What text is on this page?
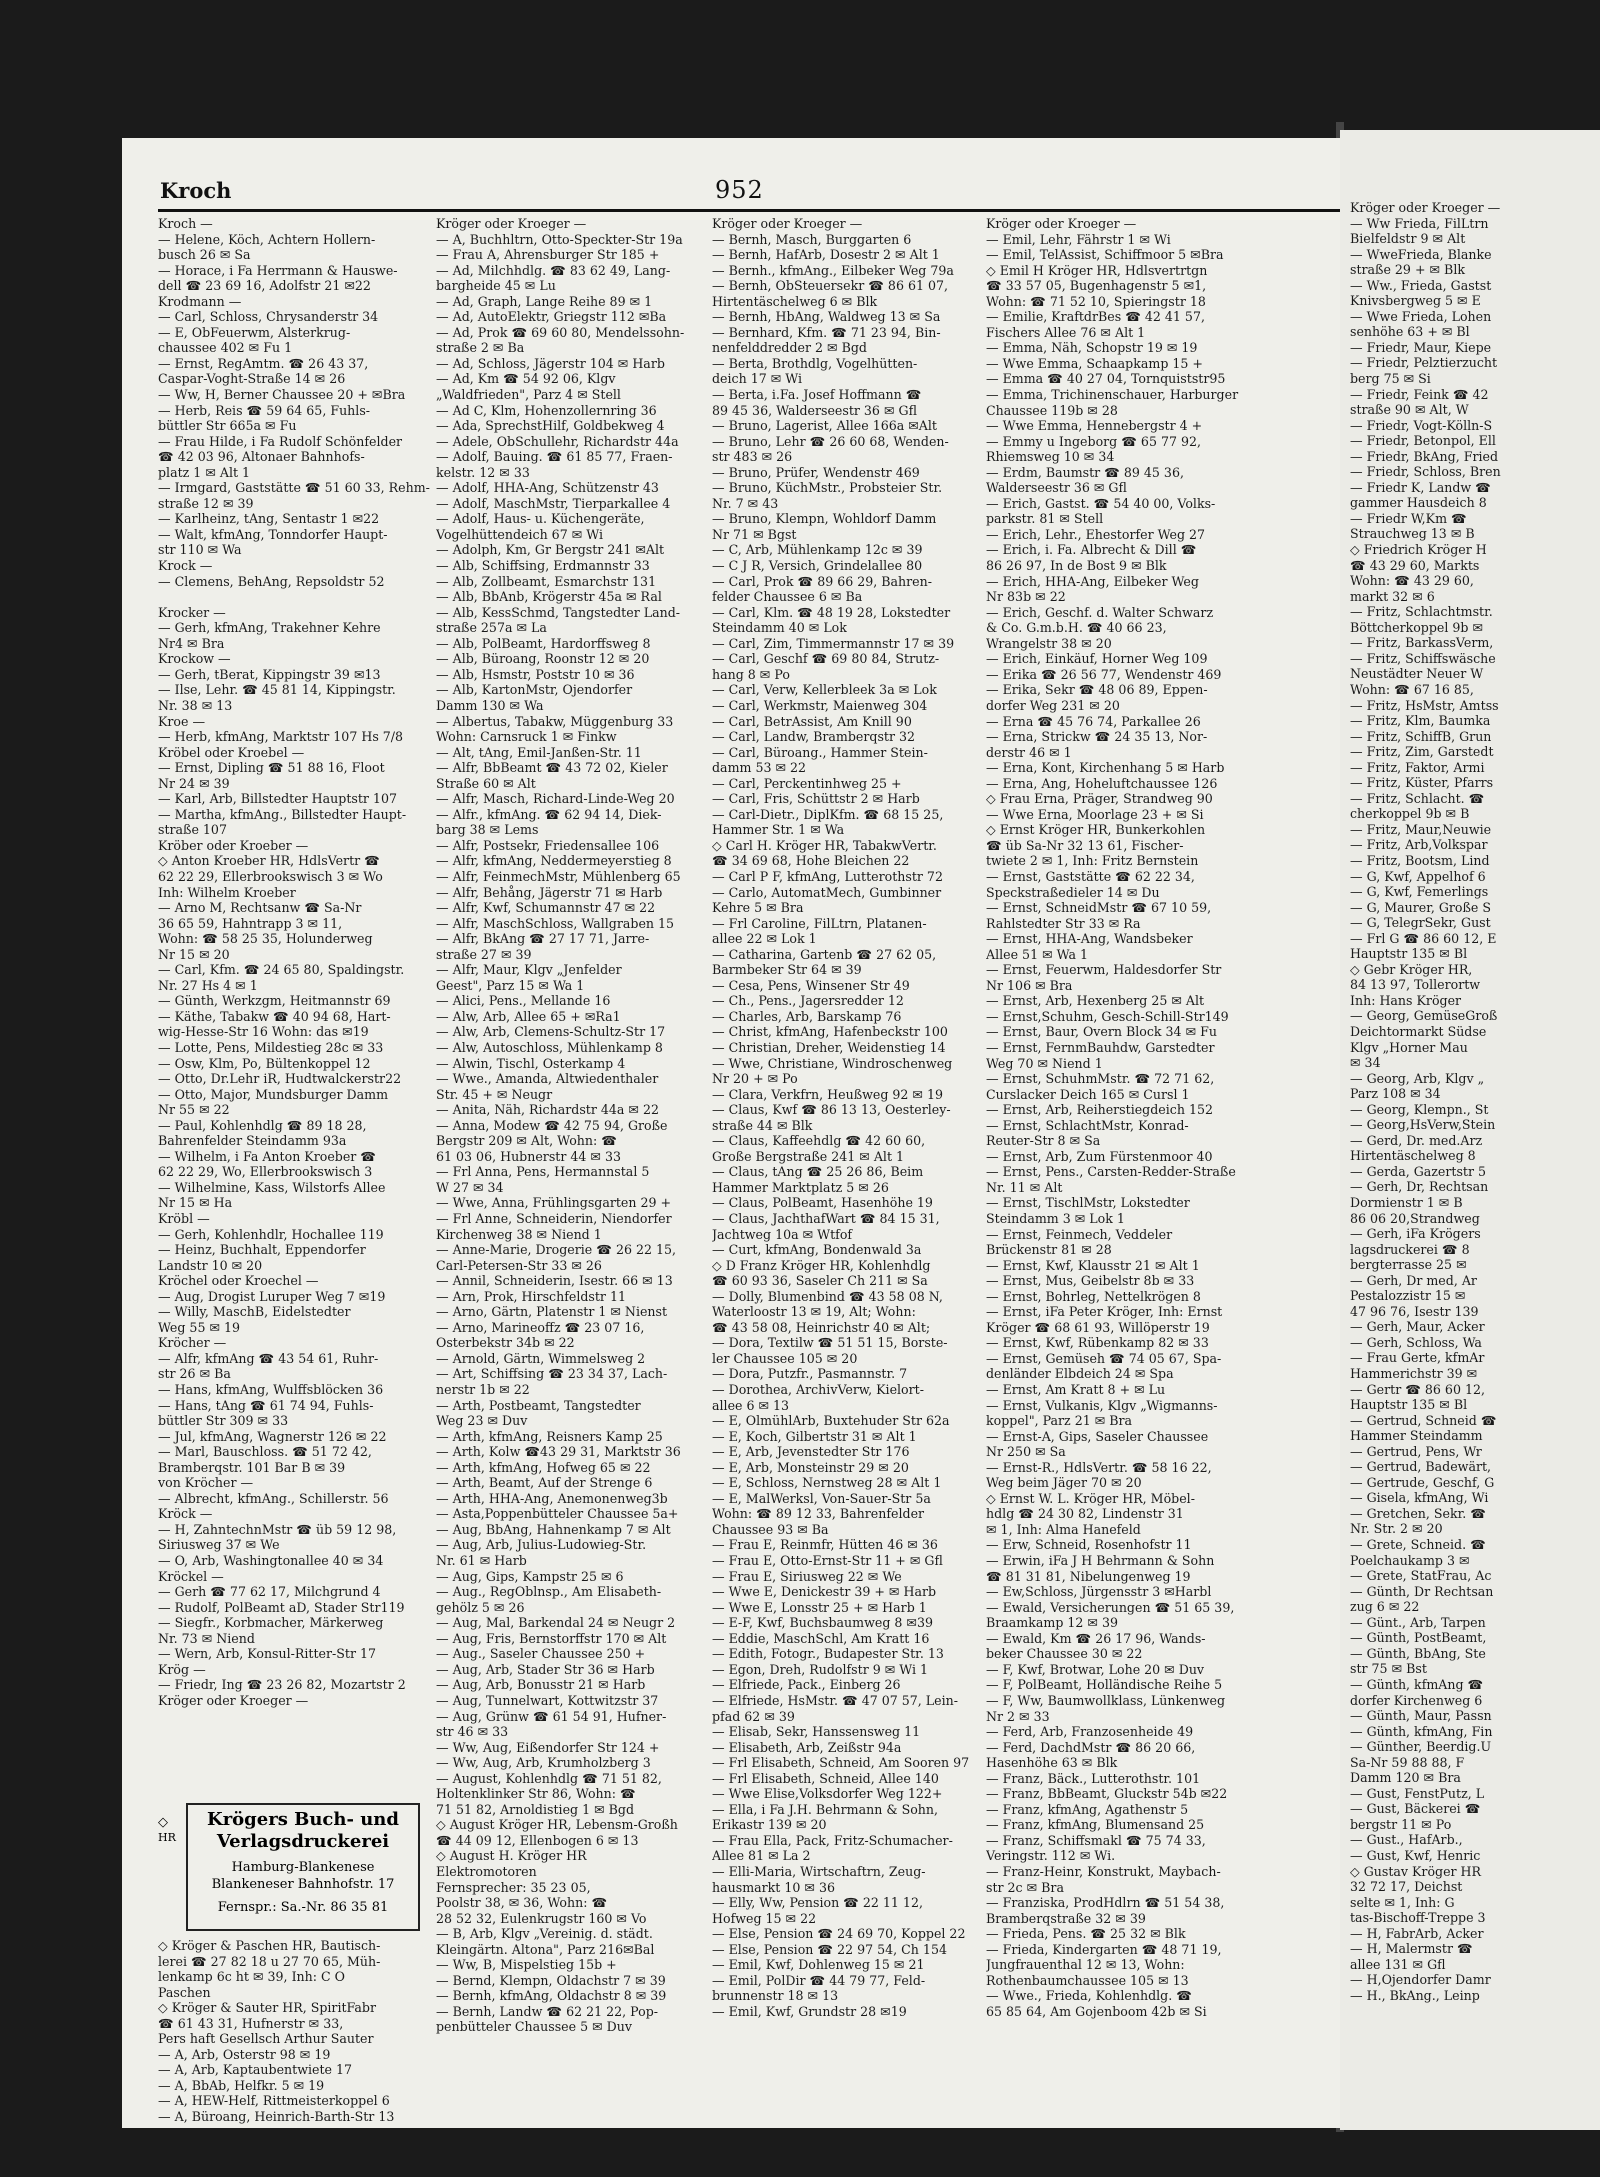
Kroch	952
Kroch —
— Helene, Köch, Achtern Hollern-
busch 26 ✉ Sa
— Horace, i Fa Herrmann & Hauswe-
dell ☎ 23 69 16, Adolfstr 21 ✉22
Krodmann —
— Carl, Schloss, Chrysanderstr 34
— E, ObFeuerwm, Alsterkrug-
chaussee 402 ✉ Fu 1
— Ernst, RegAmtm. ☎ 26 43 37,
Caspar-Voght-Straße 14 ✉ 26
— Ww, H, Berner Chaussee 20 + ✉Bra
— Herb, Reis ☎ 59 64 65, Fuhls-
büttler Str 665a ✉ Fu
— Frau Hilde, i Fa Rudolf Schönfelder
☎ 42 03 96, Altonaer Bahnhofs-
platz 1 ✉ Alt 1
— Irmgard, Gaststätte ☎ 51 60 33, Rehm-
straße 12 ✉ 39
— Karlheinz, tAng, Sentastr 1 ✉22
— Walt, kfmAng, Tonndorfer Haupt-
str 110 ✉ Wa
Krock —
— Clemens, BehAng, Repsoldstr 52

Krocker —
— Gerh, kfmAng, Trakehner Kehre
Nr4 ✉ Bra
Krockow —
— Gerh, tBerat, Kippingstr 39 ✉13
— Ilse, Lehr. ☎ 45 81 14, Kippingstr.
Nr. 38 ✉ 13
Kroe —
— Herb, kfmAng, Marktstr 107 Hs 7/8
Kröbel oder Kroebel —
— Ernst, Dipling ☎ 51 88 16, Floot
Nr 24 ✉ 39
— Karl, Arb, Billstedter Hauptstr 107
— Martha, kfmAng., Billstedter Haupt-
straße 107
Kröber oder Kroeber —
◇ Anton Kroeber HR, HdlsVertr ☎
62 22 29, Ellerbrookswisch 3 ✉ Wo
Inh: Wilhelm Kroeber
— Arno M, Rechtsanw ☎ Sa-Nr
36 65 59, Hahntrapp 3 ✉ 11,
Wohn: ☎ 58 25 35, Holunderweg
Nr 15 ✉ 20
— Carl, Kfm. ☎ 24 65 80, Spaldingstr.
Nr. 27 Hs 4 ✉ 1
— Günth, Werkzgm, Heitmannstr 69
— Käthe, Tabakw ☎ 40 94 68, Hart-
wig-Hesse-Str 16 Wohn: das ✉19
— Lotte, Pens, Mildestieg 28c ✉ 33
— Osw, Klm, Po, Bültenkoppel 12
— Otto, Dr.Lehr iR, Hudtwalckerstr22
— Otto, Major, Mundsburger Damm
Nr 55 ✉ 22
— Paul, Kohlenhdlg ☎ 89 18 28,
Bahrenfelder Steindamm 93a
— Wilhelm, i Fa Anton Kroeber ☎
62 22 29, Wo, Ellerbrookswisch 3
— Wilhelmine, Kass, Wilstorfs Allee
Nr 15 ✉ Ha
Kröbl —
— Gerh, Kohlenhdlr, Hochallee 119
— Heinz, Buchhalt, Eppendorfer
Landstr 10 ✉ 20
Kröchel oder Kroechel —
— Aug, Drogist Luruper Weg 7 ✉19
— Willy, MaschB, Eidelstedter
Weg 55 ✉ 19
Kröcher —
— Alfr, kfmAng ☎ 43 54 61, Ruhr-
str 26 ✉ Ba
— Hans, kfmAng, Wulffsblöcken 36
— Hans, tAng ☎ 61 74 94, Fuhls-
büttler Str 309 ✉ 33
— Jul, kfmAng, Wagnerstr 126 ✉ 22
— Marl, Bauschloss. ☎ 51 72 42,
Bramberqstr. 101 Bar B ✉ 39
von Kröcher —
— Albrecht, kfmAng., Schillerstr. 56
Kröck —
— H, ZahntechnMstr ☎ üb 59 12 98,
Siriusweg 37 ✉ We
— O, Arb, Washingtonallee 40 ✉ 34
Kröckel —
— Gerh ☎ 77 62 17, Milchgrund 4
— Rudolf, PolBeamt aD, Stader Str119
— Siegfr., Korbmacher, Märkerweg
Nr. 73 ✉ Niend
— Wern, Arb, Konsul-Ritter-Str 17
Krög —
— Friedr, Ing ☎ 23 26 82, Mozartstr 2
Kröger oder Kroeger —
Kröger oder Kroeger —
— A, Buchhltrn, Otto-Speckter-Str 19a
— Frau A, Ahrensburger Str 185 +
— Ad, Milchhdlg. ☎ 83 62 49, Lang-
bargheide 45 ✉ Lu
— Ad, Graph, Lange Reihe 89 ✉ 1
— Ad, AutoElektr, Griegstr 112 ✉Ba
— Ad, Prok ☎ 69 60 80, Mendelssohn-
straße 2 ✉ Ba
— Ad, Schloss, Jägerstr 104 ✉ Harb
— Ad, Km ☎ 54 92 06, Klgv
„Waldfrieden", Parz 4 ✉ Stell
— Ad C, Klm, Hohenzollernring 36
— Ada, SprechstHilf, Goldbekweg 4
— Adele, ObSchullehr, Richardstr 44a
— Adolf, Bauing. ☎ 61 85 77, Fraen-
kelstr. 12 ✉ 33
— Adolf, HHA-Ang, Schützenstr 43
— Adolf, MaschMstr, Tierparkallee 4
— Adolf, Haus- u. Küchengeräte,
Vogelhüttendeich 67 ✉ Wi
— Adolph, Km, Gr Bergstr 241 ✉Alt
— Alb, Schiffsing, Erdmannstr 33
— Alb, Zollbeamt, Esmarchstr 131
— Alb, BbAnb, Krögerstr 45a ✉ Ral
— Alb, KessSchmd, Tangstedter Land-
straße 257a ✉ La
— Alb, PolBeamt, Hardorffsweg 8
— Alb, Büroang, Roonstr 12 ✉ 20
— Alb, Hsmstr, Poststr 10 ✉ 36
— Alb, KartonMstr, Ojendorfer
Damm 130 ✉ Wa
— Albertus, Tabakw, Müggenburg 33
Wohn: Carnsruck 1 ✉ Finkw
— Alt, tAng, Emil-Janßen-Str. 11
— Alfr, BbBeamt ☎ 43 72 02, Kieler
Straße 60 ✉ Alt
— Alfr, Masch, Richard-Linde-Weg 20
— Alfr., kfmAng. ☎ 62 94 14, Diek-
barg 38 ✉ Lems
— Alfr, Postsekr, Friedensallee 106
— Alfr, kfmAng, Neddermeyerstieg 8
— Alfr, FeinmechMstr, Mühlenberg 65
— Alfr, Behång, Jägerstr 71 ✉ Harb
— Alfr, Kwf, Schumannstr 47 ✉ 22
— Alfr, MaschSchloss, Wallgraben 15
— Alfr, BkAng ☎ 27 17 71, Jarre-
straße 27 ✉ 39
— Alfr, Maur, Klgv „Jenfelder
Geest", Parz 15 ✉ Wa 1
— Alici, Pens., Mellande 16
— Alw, Arb, Allee 65 + ✉Ra1
— Alw, Arb, Clemens-Schultz-Str 17
— Alw, Autoschloss, Mühlenkamp 8
— Alwin, Tischl, Osterkamp 4
— Wwe., Amanda, Altwiedenthaler
Str. 45 + ✉ Neugr
— Anita, Näh, Richardstr 44a ✉ 22
— Anna, Modew ☎ 42 75 94, Große
Bergstr 209 ✉ Alt, Wohn: ☎
61 03 06, Hubnerstr 44 ✉ 33
— Frl Anna, Pens, Hermannstal 5
W 27 ✉ 34
— Wwe, Anna, Frühlingsgarten 29 +
— Frl Anne, Schneiderin, Niendorfer
Kirchenweg 38 ✉ Niend 1
— Anne-Marie, Drogerie ☎ 26 22 15,
Carl-Petersen-Str 33 ✉ 26
— Annil, Schneiderin, Isestr. 66 ✉ 13
— Arn, Prok, Hirschfeldstr 11
— Arno, Gärtn, Platenstr 1 ✉ Nienst
— Arno, Marineoffz ☎ 23 07 16,
Osterbekstr 34b ✉ 22
— Arnold, Gärtn, Wimmelsweg 2
— Art, Schiffsing ☎ 23 34 37, Lach-
nerstr 1b ✉ 22
— Arth, Postbeamt, Tangstedter
Weg 23 ✉ Duv
— Arth, kfmAng, Reisners Kamp 25
— Arth, Kolw ☎43 29 31, Marktstr 36
— Arth, kfmAng, Hofweg 65 ✉ 22
— Arth, Beamt, Auf der Strenge 6
— Arth, HHA-Ang, Anemonenweg3b
— Asta,Poppenbütteler Chaussee 5a+
— Aug, BbAng, Hahnenkamp 7 ✉ Alt
— Aug, Arb, Julius-Ludowieg-Str.
Nr. 61 ✉ Harb
— Aug, Gips, Kampstr 25 ✉ 6
— Aug., RegOblnsp., Am Elisabeth-
gehölz 5 ✉ 26
— Aug, Mal, Barkendal 24 ✉ Neugr 2
— Aug, Fris, Bernstorffstr 170 ✉ Alt
— Aug., Saseler Chaussee 250 +
— Aug, Arb, Stader Str 36 ✉ Harb
— Aug, Arb, Bonusstr 21 ✉ Harb
— Aug, Tunnelwart, Kottwitzstr 37
— Aug, Grünw ☎ 61 54 91, Hufner-
str 46 ✉ 33
— Ww, Aug, Eißendorfer Str 124 +
— Ww, Aug, Arb, Krumholzberg 3
— August, Kohlenhdlg ☎ 71 51 82,
Holtenklinker Str 86, Wohn: ☎
71 51 82, Arnoldistieg 1 ✉ Bgd
◇ August Kröger HR, Lebensm-Großh
☎ 44 09 12, Ellenbogen 6 ✉ 13
◇ August H. Kröger HR
Elektromotoren
Fernsprecher: 35 23 05,
Poolstr 38, ✉ 36, Wohn: ☎
28 52 32, Eulenkrugstr 160 ✉ Vo
— B, Arb, Klgv „Vereinig. d. städt.
Kleingärtn. Altona", Parz 216✉Bal
— Ww, B, Mispelstieg 15b +
— Bernd, Klempn, Oldachstr 7 ✉ 39
— Bernh, kfmAng, Oldachstr 8 ✉ 39
— Bernh, Landw ☎ 62 21 22, Pop-
penbütteler Chaussee 5 ✉ Duv
Kröger oder Kroeger —
— Bernh, Masch, Burggarten 6
— Bernh, HafArb, Dosestr 2 ✉ Alt 1
— Bernh., kfmAng., Eilbeker Weg 79a
— Bernh, ObSteuersekr ☎ 86 61 07,
Hirtentäschelweg 6 ✉ Blk
— Bernh, HbAng, Waldweg 13 ✉ Sa
— Bernhard, Kfm. ☎ 71 23 94, Bin-
nenfelddredder 2 ✉ Bgd
— Berta, Brothdlg, Vogelhütten-
deich 17 ✉ Wi
— Berta, i.Fa. Josef Hoffmann ☎
89 45 36, Walderseestr 36 ✉ Gfl
— Bruno, Lagerist, Allee 166a ✉Alt
— Bruno, Lehr ☎ 26 60 68, Wenden-
str 483 ✉ 26
— Bruno, Prüfer, Wendenstr 469
— Bruno, KüchMstr., Probsteier Str.
Nr. 7 ✉ 43
— Bruno, Klempn, Wohldorf Damm
Nr 71 ✉ Bgst
— C, Arb, Mühlenkamp 12c ✉ 39
— C J R, Versich, Grindelallee 80
— Carl, Prok ☎ 89 66 29, Bahren-
felder Chaussee 6 ✉ Ba
— Carl, Klm. ☎ 48 19 28, Lokstedter
Steindamm 40 ✉ Lok
— Carl, Zim, Timmermannstr 17 ✉ 39
— Carl, Geschf ☎ 69 80 84, Strutz-
hang 8 ✉ Po
— Carl, Verw, Kellerbleek 3a ✉ Lok
— Carl, Werkmstr, Maienweg 304
— Carl, BetrAssist, Am Knill 90
— Carl, Landw, Bramberqstr 32
— Carl, Büroang., Hammer Stein-
damm 53 ✉ 22
— Carl, Perckentinhweg 25 +
— Carl, Fris, Schüttstr 2 ✉ Harb
— Carl-Dietr., DiplKfm. ☎ 68 15 25,
Hammer Str. 1 ✉ Wa
◇ Carl H. Kröger HR, TabakwVertr.
☎ 34 69 68, Hohe Bleichen 22
— Carl P F, kfmAng, Lutterothstr 72
— Carlo, AutomatMech, Gumbinner
Kehre 5 ✉ Bra
— Frl Caroline, FilLtrn, Platanen-
allee 22 ✉ Lok 1
— Catharina, Gartenb ☎ 27 62 05,
Barmbeker Str 64 ✉ 39
— Cesa, Pens, Winsener Str 49
— Ch., Pens., Jagersredder 12
— Charles, Arb, Barskamp 76
— Christ, kfmAng, Hafenbeckstr 100
— Christian, Dreher, Weidenstieg 14
— Wwe, Christiane, Windroschenweg
Nr 20 + ✉ Po
— Clara, Verkfrn, Heußweg 92 ✉ 19
— Claus, Kwf ☎ 86 13 13, Oesterley-
straße 44 ✉ Blk
— Claus, Kaffeehdlg ☎ 42 60 60,
Große Bergstraße 241 ✉ Alt 1
— Claus, tAng ☎ 25 26 86, Beim
Hammer Marktplatz 5 ✉ 26
— Claus, PolBeamt, Hasenhöhe 19
— Claus, JachthafWart ☎ 84 15 31,
Jachtweg 10a ✉ Wtfof
— Curt, kfmAng, Bondenwald 3a
◇ D Franz Kröger HR, Kohlenhdlg
☎ 60 93 36, Saseler Ch 211 ✉ Sa
— Dolly, Blumenbind ☎ 43 58 08 N,
Waterloostr 13 ✉ 19, Alt; Wohn:
☎ 43 58 08, Heinrichstr 40 ✉ Alt;
— Dora, Textilw ☎ 51 51 15, Borste-
ler Chaussee 105 ✉ 20
— Dora, Putzfr., Pasmannstr. 7
— Dorothea, ArchivVerw, Kielort-
allee 6 ✉ 13
— E, OlmühlArb, Buxtehuder Str 62a
— E, Koch, Gilbertstr 31 ✉ Alt 1
— E, Arb, Jevenstedter Str 176
— E, Arb, Monsteinstr 29 ✉ 20
— E, Schloss, Nernstweg 28 ✉ Alt 1
— E, MalWerksl, Von-Sauer-Str 5a
Wohn: ☎ 89 12 33, Bahrenfelder
Chaussee 93 ✉ Ba
— Frau E, Reinmfr, Hütten 46 ✉ 36
— Frau E, Otto-Ernst-Str 11 + ✉ Gfl
— Frau E, Siriusweg 22 ✉ We
— Wwe E, Denickestr 39 + ✉ Harb
— Wwe E, Lonsstr 25 + ✉ Harb 1
— E-F, Kwf, Buchsbaumweg 8 ✉39
— Eddie, MaschSchl, Am Kratt 16
— Edith, Fotogr., Budapester Str. 13
— Egon, Dreh, Rudolfstr 9 ✉ Wi 1
— Elfriede, Pack., Einberg 26
— Elfriede, HsMstr. ☎ 47 07 57, Lein-
pfad 62 ✉ 39
— Elisab, Sekr, Hanssensweg 11
— Elisabeth, Arb, Zeißstr 94a
— Frl Elisabeth, Schneid, Am Sooren 97
— Frl Elisabeth, Schneid, Allee 140
— Wwe Elise,Volksdorfer Weg 122+
— Ella, i Fa J.H. Behrmann & Sohn,
Erikastr 139 ✉ 20
— Frau Ella, Pack, Fritz-Schumacher-
Allee 81 ✉ La 2
— Elli-Maria, Wirtschaftrn, Zeug-
hausmarkt 10 ✉ 36
— Elly, Ww, Pension ☎ 22 11 12,
Hofweg 15 ✉ 22
— Else, Pension ☎ 24 69 70, Koppel 22
— Else, Pension ☎ 22 97 54, Ch 154
— Emil, Kwf, Dohlenweg 15 ✉ 21
— Emil, PolDir ☎ 44 79 77, Feld-
brunnenstr 18 ✉ 13
— Emil, Kwf, Grundstr 28 ✉19
Kröger oder Kroeger —
— Emil, Lehr, Fährstr 1 ✉ Wi
— Emil, TelAssist, Schiffmoor 5 ✉Bra
◇ Emil H Kröger HR, Hdlsvertrtgn
☎ 33 57 05, Bugenhagenstr 5 ✉1,
Wohn: ☎ 71 52 10, Spieringstr 18
— Emilie, KraftdrBes ☎ 42 41 57,
Fischers Allee 76 ✉ Alt 1
— Emma, Näh, Schopstr 19 ✉ 19
— Wwe Emma, Schaapkamp 15 +
— Emma ☎ 40 27 04, Tornquiststr95
— Emma, Trichinenschauer, Harburger
Chaussee 119b ✉ 28
— Wwe Emma, Hennebergstr 4 +
— Emmy u Ingeborg ☎ 65 77 92,
Rhiemsweg 10 ✉ 34
— Erdm, Baumstr ☎ 89 45 36,
Walderseestr 36 ✉ Gfl
— Erich, Gastst. ☎ 54 40 00, Volks-
parkstr. 81 ✉ Stell
— Erich, Lehr., Ehestorfer Weg 27
— Erich, i. Fa. Albrecht & Dill ☎
86 26 97, In de Bost 9 ✉ Blk
— Erich, HHA-Ang, Eilbeker Weg
Nr 83b ✉ 22
— Erich, Geschf. d. Walter Schwarz
& Co. G.m.b.H. ☎ 40 66 23,
Wrangelstr 38 ✉ 20
— Erich, Einkäuf, Horner Weg 109
— Erika ☎ 26 56 77, Wendenstr 469
— Erika, Sekr ☎ 48 06 89, Eppen-
dorfer Weg 231 ✉ 20
— Erna ☎ 45 76 74, Parkallee 26
— Erna, Strickw ☎ 24 35 13, Nor-
derstr 46 ✉ 1
— Erna, Kont, Kirchenhang 5 ✉ Harb
— Erna, Ang, Hoheluftchaussee 126
◇ Frau Erna, Präger, Strandweg 90
— Wwe Erna, Moorlage 23 + ✉ Si
◇ Ernst Kröger HR, Bunkerkohlen
☎ üb Sa-Nr 32 13 61, Fischer-
twiete 2 ✉ 1, Inh: Fritz Bernstein
— Ernst, Gaststätte ☎ 62 22 34,
Speckstraßedieler 14 ✉ Du
— Ernst, SchneidMstr ☎ 67 10 59,
Rahlstedter Str 33 ✉ Ra
— Ernst, HHA-Ang, Wandsbeker
Allee 51 ✉ Wa 1
— Ernst, Feuerwm, Haldesdorfer Str
Nr 106 ✉ Bra
— Ernst, Arb, Hexenberg 25 ✉ Alt
— Ernst,Schuhm, Gesch-Schill-Str149
— Ernst, Baur, Overn Block 34 ✉ Fu
— Ernst, FernmBauhdw, Garstedter
Weg 70 ✉ Niend 1
— Ernst, SchuhmMstr. ☎ 72 71 62,
Curslacker Deich 165 ✉ Cursl 1
— Ernst, Arb, Reiherstiegdeich 152
— Ernst, SchlachtMstr, Konrad-
Reuter-Str 8 ✉ Sa
— Ernst, Arb, Zum Fürstenmoor 40
— Ernst, Pens., Carsten-Redder-Straße
Nr. 11 ✉ Alt
— Ernst, TischlMstr, Lokstedter
Steindamm 3 ✉ Lok 1
— Ernst, Feinmech, Veddeler
Brückenstr 81 ✉ 28
— Ernst, Kwf, Klausstr 21 ✉ Alt 1
— Ernst, Mus, Geibelstr 8b ✉ 33
— Ernst, Bohrleg, Nettelkrögen 8
— Ernst, iFa Peter Kröger, Inh: Ernst
Kröger ☎ 68 61 93, Willöperstr 19
— Ernst, Kwf, Rübenkamp 82 ✉ 33
— Ernst, Gemüseh ☎ 74 05 67, Spa-
denländer Elbdeich 24 ✉ Spa
— Ernst, Am Kratt 8 + ✉ Lu
— Ernst, Vulkanis, Klgv „Wigmanns-
koppel", Parz 21 ✉ Bra
— Ernst-A, Gips, Saseler Chaussee
Nr 250 ✉ Sa
— Ernst-R., HdlsVertr. ☎ 58 16 22,
Weg beim Jäger 70 ✉ 20
◇ Ernst W. L. Kröger HR, Möbel-
hdlg ☎ 24 30 82, Lindenstr 31
✉ 1, Inh: Alma Hanefeld
— Erw, Schneid, Rosenhofstr 11
— Erwin, iFa J H Behrmann & Sohn
☎ 81 31 81, Nibelungenweg 19
— Ew,Schloss, Jürgensstr 3 ✉Harbl
— Ewald, Versicherungen ☎ 51 65 39,
Braamkamp 12 ✉ 39
— Ewald, Km ☎ 26 17 96, Wands-
beker Chaussee 30 ✉ 22
— F, Kwf, Brotwar, Lohe 20 ✉ Duv
— F, PolBeamt, Holländische Reihe 5
— F, Ww, Baumwollklass, Lünkenweg
Nr 2 ✉ 33
— Ferd, Arb, Franzosenheide 49
— Ferd, DachdMstr ☎ 86 20 66,
Hasenhöhe 63 ✉ Blk
— Franz, Bäck., Lutterothstr. 101
— Franz, BbBeamt, Gluckstr 54b ✉22
— Franz, kfmAng, Agathenstr 5
— Franz, kfmAng, Blumensand 25
— Franz, Schiffsmakl ☎ 75 74 33,
Veringstr. 112 ✉ Wi.
— Franz-Heinr, Konstrukt, Maybach-
str 2c ✉ Bra
— Franziska, ProdHdlrn ☎ 51 54 38,
Bramberqstraße 32 ✉ 39
— Frieda, Pens. ☎ 25 32 ✉ Blk
— Frieda, Kindergarten ☎ 48 71 19,
Jungfrauenthal 12 ✉ 13, Wohn:
Rothenbaumchaussee 105 ✉ 13
— Wwe., Frieda, Kohlenhdlg. ☎
65 85 64, Am Gojenboom 42b ✉ Si
◇
HR
Krögers Buch- und
Verlagsdruckerei
Hamburg-Blankenese
Blankeneser Bahnhofstr. 17
Fernspr.: Sa.-Nr. 86 35 81
◇ Kröger & Paschen HR, Bautisch-
lerei ☎ 27 82 18 u 27 70 65, Müh-
lenkamp 6c ht ✉ 39, Inh: C O
Paschen
◇ Kröger & Sauter HR, SpiritFabr
☎ 61 43 31, Hufnerstr ✉ 33,
Pers haft Gesellsch Arthur Sauter
— A, Arb, Osterstr 98 ✉ 19
— A, Arb, Kaptaubentwiete 17
— A, BbAb, Helfkr. 5 ✉ 19
— A, HEW-Helf, Rittmeisterkoppel 6
— A, Büroang, Heinrich-Barth-Str 13
Kröger oder Kroeger —
— Ww Frieda, FilLtrn
Bielfeldstr 9 ✉ Alt
— WweFrieda, Blanke
straße 29 + ✉ Blk
— Ww., Frieda, Gastst
Knivsbergweg 5 ✉ E
— Wwe Frieda, Lohen
senhöhe 63 + ✉ Bl
— Friedr, Maur, Kiepe
— Friedr, Pelztierzucht
berg 75 ✉ Si
— Friedr, Feink ☎ 42
straße 90 ✉ Alt, W
— Friedr, Vogt-Kölln-S
— Friedr, Betonpol, Ell
— Friedr, BkAng, Fried
— Friedr, Schloss, Bren
— Friedr K, Landw ☎
gammer Hausdeich 8
— Friedr W,Km ☎
Strauchweg 13 ✉ B
◇ Friedrich Kröger H
☎ 43 29 60, Markts
Wohn: ☎ 43 29 60,
markt 32 ✉ 6
— Fritz, Schlachtmstr.
Böttcherkoppel 9b ✉
— Fritz, BarkassVerm,
— Fritz, Schiffswäsche
Neustädter Neuer W
Wohn: ☎ 67 16 85,
— Fritz, HsMstr, Amtss
— Fritz, Klm, Baumka
— Fritz, SchiffB, Grun
— Fritz, Zim, Garstedt
— Fritz, Faktor, Armi
— Fritz, Küster, Pfarrs
— Fritz, Schlacht. ☎
cherkoppel 9b ✉ B
— Fritz, Maur,Neuwie
— Fritz, Arb,Volkspar
— Fritz, Bootsm, Lind
— G, Kwf, Appelhof 6
— G, Kwf, Femerlings
— G, Maurer, Große S
— G, TelegrSekr, Gust
— Frl G ☎ 86 60 12, E
Hauptstr 135 ✉ Bl
◇ Gebr Kröger HR,
84 13 97, Tollerortw
Inh: Hans Kröger
— Georg, GemüseGroß
Deichtormarkt Südse
Klgv „Horner Mau
✉ 34
— Georg, Arb, Klgv „
Parz 108 ✉ 34
— Georg, Klempn., St
— Georg,HsVerw,Stein
— Gerd, Dr. med.Arz
Hirtentäschelweg 8
— Gerda, Gazertstr 5
— Gerh, Dr, Rechtsan
Dormienstr 1 ✉ B
86 06 20,Strandweg
— Gerh, iFa Krögers
lagsdruckerei ☎ 8
bergterrasse 25 ✉
— Gerh, Dr med, Ar
Pestalozzistr 15 ✉
47 96 76, Isestr 139
— Gerh, Maur, Acker
— Gerh, Schloss, Wa
— Frau Gerte, kfmAr
Hammerichstr 39 ✉
— Gertr ☎ 86 60 12,
Hauptstr 135 ✉ Bl
— Gertrud, Schneid ☎
Hammer Steindamm
— Gertrud, Pens, Wr
— Gertrud, Badewärt,
— Gertrude, Geschf, G
— Gisela, kfmAng, Wi
— Gretchen, Sekr. ☎
Nr. Str. 2 ✉ 20
— Grete, Schneid. ☎
Poelchaukamp 3 ✉
— Grete, StatFrau, Ac
— Günth, Dr Rechtsan
zug 6 ✉ 22
— Günt., Arb, Tarpen
— Günth, PostBeamt,
— Günth, BbAng, Ste
str 75 ✉ Bst
— Günth, kfmAng ☎
dorfer Kirchenweg 6
— Günth, Maur, Passn
— Günth, kfmAng, Fin
— Günther, Beerdig.U
Sa-Nr 59 88 88, F
Damm 120 ✉ Bra
— Gust, FenstPutz, L
— Gust, Bäckerei ☎
bergstr 11 ✉ Po
— Gust., HafArb.,
— Gust, Kwf, Henric
◇ Gustav Kröger HR
32 72 17, Deichst
selte ✉ 1, Inh: G
tas-Bischoff-Treppe 3
— H, FabrArb, Acker
— H, Malermstr ☎
allee 131 ✉ Gfl
— H,Ojendorfer Damr
— H., BkAng., Leinp
